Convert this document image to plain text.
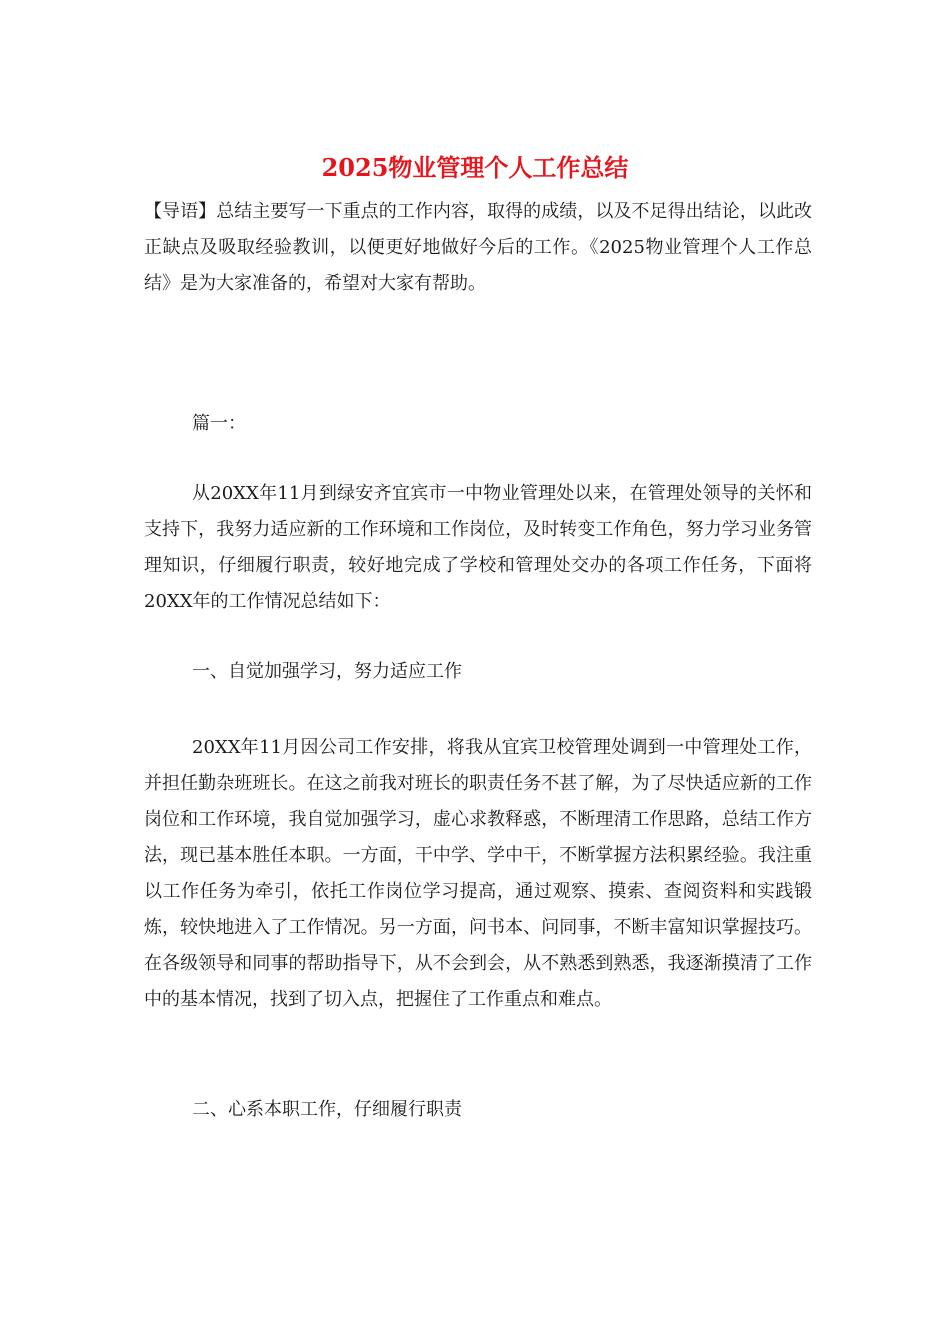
2025物业管理个人工作总结

【导语】总结主要写一下重点的工作内容，取得的成绩，以及不足得出结论，以此改正缺点及吸取经验教训，以便更好地做好今后的工作。《2025物业管理个人工作总结》是为大家准备的，希望对大家有帮助。

篇一：

从20XX年11月到绿安齐宜宾市一中物业管理处以来，在管理处领导的关怀和支持下，我努力适应新的工作环境和工作岗位，及时转变工作角色，努力学习业务管理知识，仔细履行职责，较好地完成了学校和管理处交办的各项工作任务，下面将20XX年的工作情况总结如下：

一、自觉加强学习，努力适应工作

20XX年11月因公司工作安排，将我从宜宾卫校管理处调到一中管理处工作，并担任勤杂班班长。在这之前我对班长的职责任务不甚了解，为了尽快适应新的工作岗位和工作环境，我自觉加强学习，虚心求教释惑，不断理清工作思路，总结工作方法，现已基本胜任本职。一方面，干中学、学中干，不断掌握方法积累经验。我注重以工作任务为牵引，依托工作岗位学习提高，通过观察、摸索、查阅资料和实践锻炼，较快地进入了工作情况。另一方面，问书本、问同事，不断丰富知识掌握技巧。在各级领导和同事的帮助指导下，从不会到会，从不熟悉到熟悉，我逐渐摸清了工作中的基本情况，找到了切入点，把握住了工作重点和难点。

二、心系本职工作，仔细履行职责
